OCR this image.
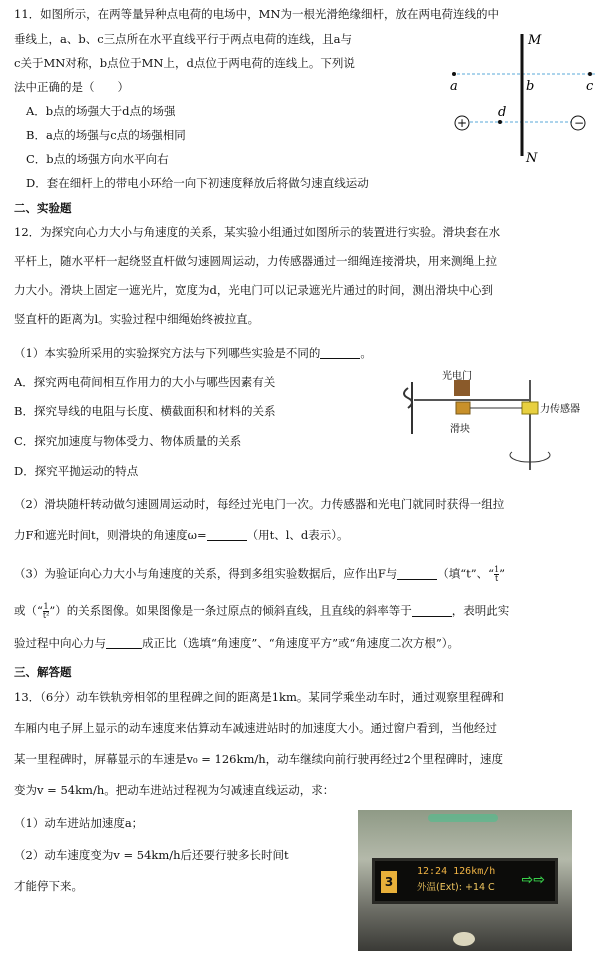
11．如图所示，在两等量异种点电荷的电场中，MN为一根光滑绝缘细杆，放在两电荷连线的中
垂线上，a、b、c三点所在水平直线平行于两点电荷的连线，且a与
c关于MN对称，b点位于MN上，d点位于两电荷的连线上。下列说
法中正确的是（　　）
A．b点的场强大于d点的场强
B．a点的场强与c点的场强相同
C．b点的场强方向水平向右
D．套在细杆上的带电小环给一向下初速度释放后将做匀速直线运动
+	−
M
N
a	b	c
d
二、实验题
12．为探究向心力大小与角速度的关系，某实验小组通过如图所示的装置进行实验。滑块套在水
平杆上，随水平杆一起绕竖直杆做匀速圆周运动，力传感器通过一细绳连接滑块，用来测绳上拉
力大小。滑块上固定一遮光片，宽度为d，光电门可以记录遮光片通过的时间，测出滑块中心到
竖直杆的距离为l。实验过程中细绳始终被拉直。
（1）本实验所采用的实验探究方法与下列哪些实验是不同的	。
A．探究两电荷间相互作用力的大小与哪些因素有关
B．探究导线的电阻与长度、横截面积和材料的关系
C．探究加速度与物体受力、物体质量的关系
D．探究平抛运动的特点
光电门
力传感器
滑块
（2）滑块随杆转动做匀速圆周运动时，每经过光电门一次。力传感器和光电门就同时获得一组拉
力F和遮光时间t，则滑块的角速度ω=	（用t、l、d表示）。
（3）为验证向心力大小与角速度的关系，得到多组实验数据后，应作出F与	（填“t”、“$\frac{1}{t}$ ”
或（“$\frac{1}{\text{t²}}$ ”）的关系图像。如果图像是一条过原点的倾斜直线，且直线的斜率等于	，表明此实
验过程中向心力与	成正比（选填“角速度”、“角速度平方”或“角速度二次方根”）。
三、解答题
13．（6分）动车铁轨旁相邻的里程碑之间的距离是1km。某同学乘坐动车时，通过观察里程碑和
车厢内电子屏上显示的动车速度来估算动车减速进站时的加速度大小。通过窗户看到，当他经过
某一里程碑时，屏幕显示的车速是v₀ = 126km/h，动车继续向前行驶再经过2个里程碑时，速度
变为v = 54km/h。把动车进站过程视为匀减速直线运动，求：
（1）动车进站加速度a；
（2）动车速度变为v = 54km/h后还要行驶多长时间t
才能停下来。	3
12:24 126km/h
外温(Ext): +14 C ⇨⇨
